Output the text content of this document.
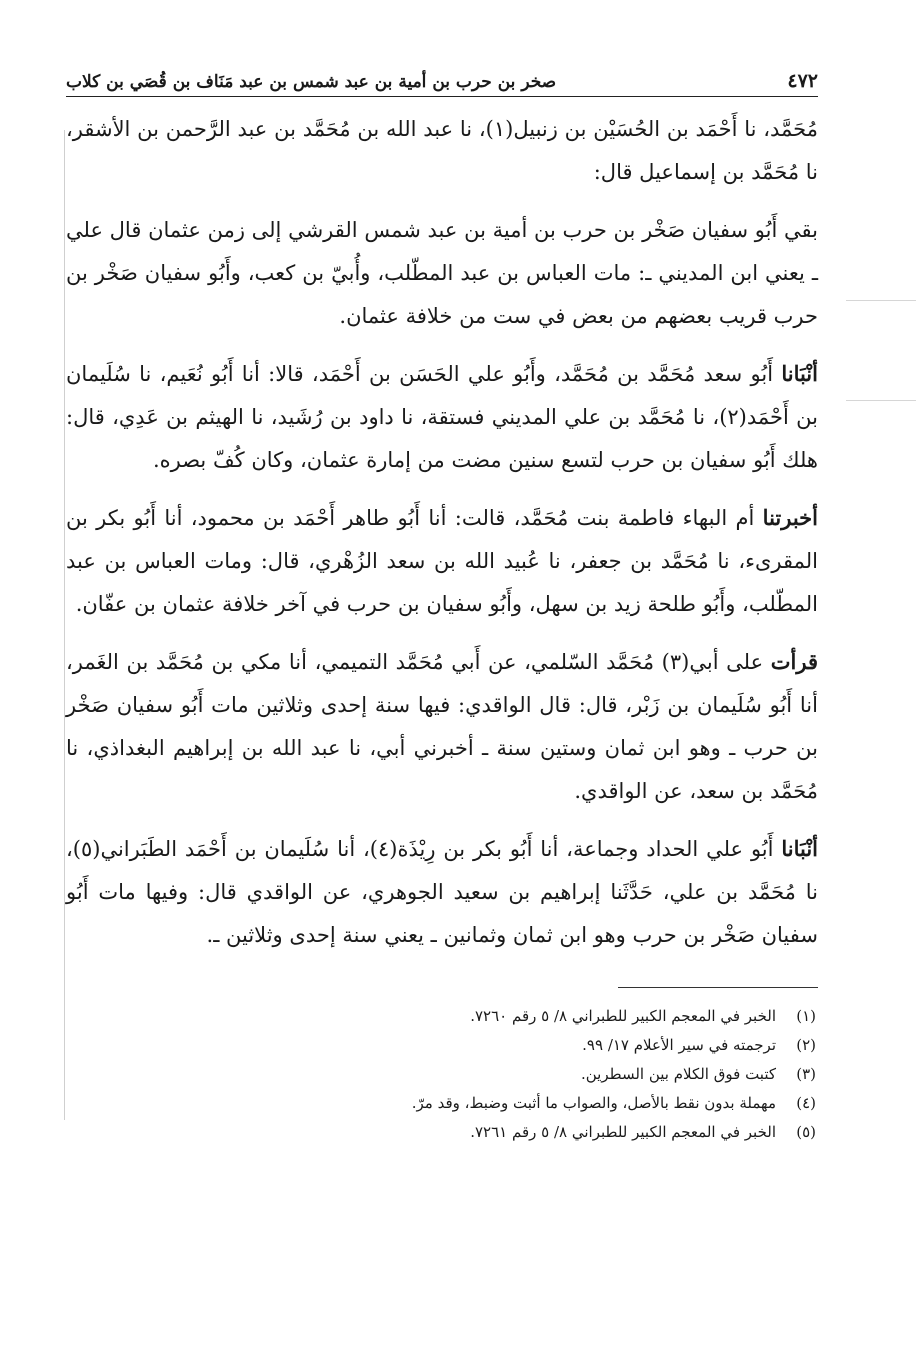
٤٧٢
صخر بن حرب بن أمية بن عبد شمس بن عبد مَنَاف بن قُصَي بن كلاب

مُحَمَّد، نا أَحْمَد بن الحُسَيْن بن زنبيل(١)، نا عبد الله بن مُحَمَّد بن عبد الرَّحمن بن الأشقر، نا مُحَمَّد بن إسماعيل قال:

بقي أَبُو سفيان صَخْر بن حرب بن أمية بن عبد شمس القرشي إلى زمن عثمان قال علي ـ يعني ابن المديني ـ: مات العباس بن عبد المطّلب، وأُبيّ بن كعب، وأَبُو سفيان صَخْر بن حرب قريب بعضهم من بعض في ست من خلافة عثمان.

أنْبَانا أَبُو سعد مُحَمَّد بن مُحَمَّد، وأَبُو علي الحَسَن بن أَحْمَد، قالا: أنا أَبُو نُعَيم، نا سُلَيمان بن أَحْمَد(٢)، نا مُحَمَّد بن علي المديني فستقة، نا داود بن رُشَيد، نا الهيثم بن عَدِي، قال: هلك أَبُو سفيان بن حرب لتسع سنين مضت من إمارة عثمان، وكان كُفّ بصره.

أخبرتنا أم البهاء فاطمة بنت مُحَمَّد، قالت: أنا أَبُو طاهر أَحْمَد بن محمود، أنا أَبُو بكر بن المقرىء، نا مُحَمَّد بن جعفر، نا عُبيد الله بن سعد الزُهْري، قال: ومات العباس بن عبد المطّلب، وأَبُو طلحة زيد بن سهل، وأَبُو سفيان بن حرب في آخر خلافة عثمان بن عفّان.

قرأت على أبي(٣) مُحَمَّد السّلمي، عن أَبي مُحَمَّد التميمي، أنا مكي بن مُحَمَّد بن الغَمر، أنا أَبُو سُلَيمان بن زَبْر، قال: قال الواقدي: فيها سنة إحدى وثلاثين مات أَبُو سفيان صَخْر بن حرب ـ وهو ابن ثمان وستين سنة ـ أخبرني أبي، نا عبد الله بن إبراهيم البغداذي، نا مُحَمَّد بن سعد، عن الواقدي.

أنْبَانا أَبُو علي الحداد وجماعة، أنا أَبُو بكر بن رِيْذَة(٤)، أنا سُلَيمان بن أَحْمَد الطَبَراني(٥)، نا مُحَمَّد بن علي، حَدَّثَنا إبراهيم بن سعيد الجوهري، عن الواقدي قال: وفيها مات أَبُو سفيان صَخْر بن حرب وهو ابن ثمان وثمانين ـ يعني سنة إحدى وثلاثين ـ.

(١)
الخبر في المعجم الكبير للطبراني ٨/ ٥ رقم ٧٢٦٠.
(٢)
ترجمته في سير الأعلام ١٧/ ٩٩.
(٣)
كتبت فوق الكلام بين السطرين.
(٤)
مهملة بدون نقط بالأصل، والصواب ما أثبت وضبط، وقد مرّ.
(٥)
الخبر في المعجم الكبير للطبراني ٨/ ٥ رقم ٧٢٦١.
